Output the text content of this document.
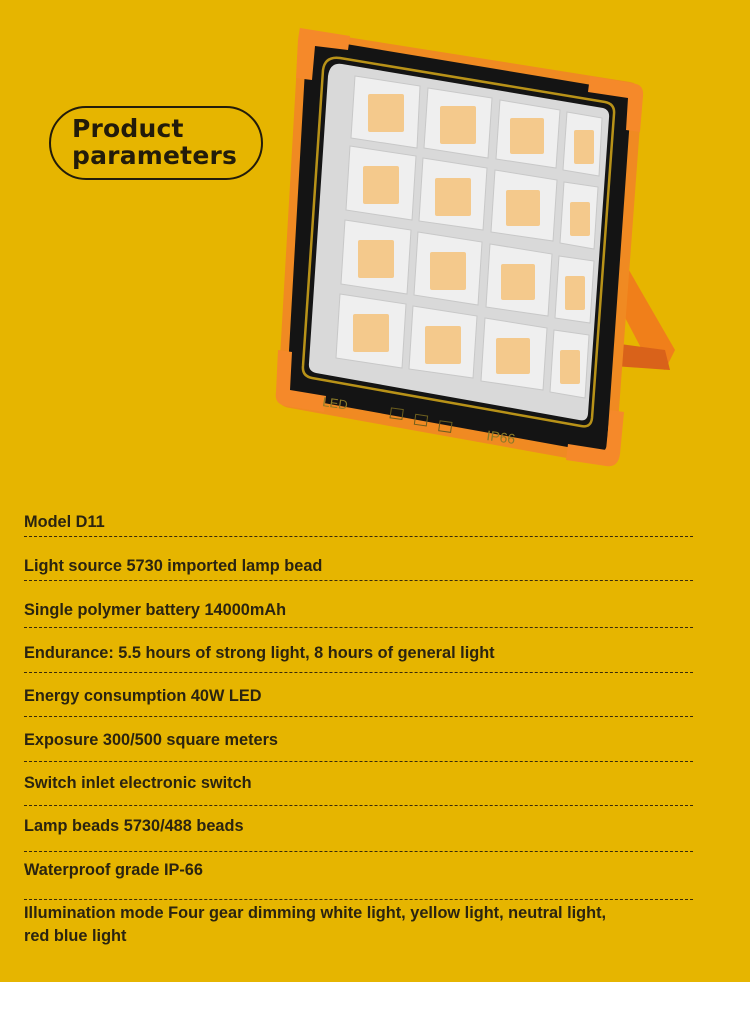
Product
parameters

LED
IP66

Model D11

Light source 5730 imported lamp bead

Single polymer battery 14000mAh

Endurance: 5.5 hours of strong light, 8 hours of general light

Energy consumption 40W LED

Exposure 300/500 square meters

Switch inlet electronic switch

Lamp beads 5730/488 beads

Waterproof grade IP-66

Illumination mode Four gear dimming white light, yellow light, neutral light,
red blue light
